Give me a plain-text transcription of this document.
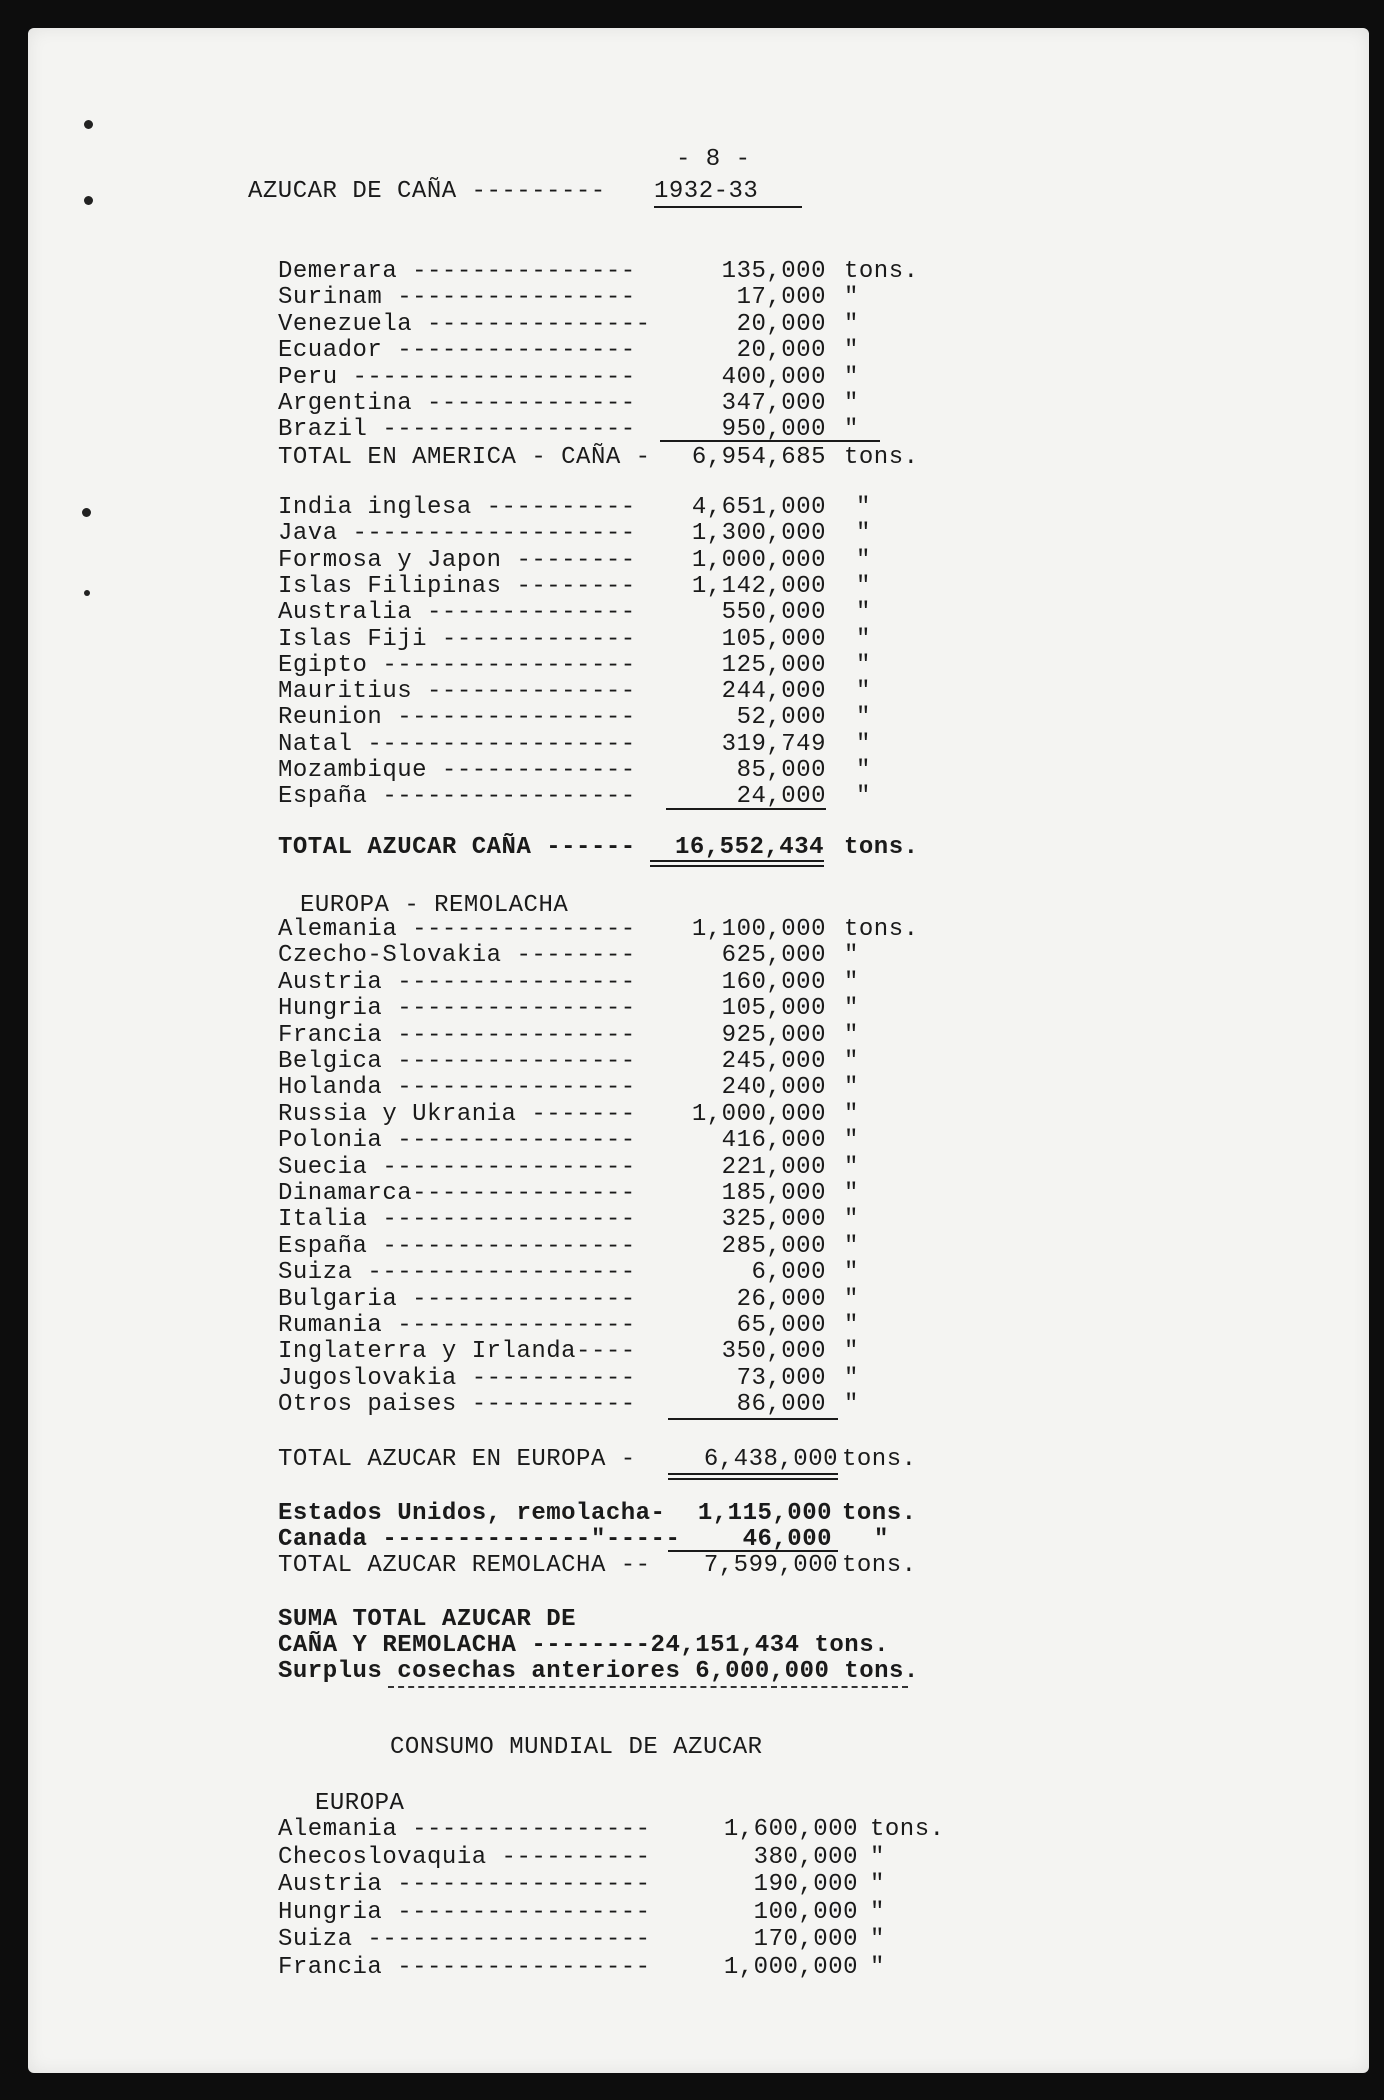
- 8 -
AZUCAR DE CAÑA --------- 1932-33
Demerara ---------------	135,000 tons.
Surinam ----------------	17,000 "
Venezuela ---------------	20,000 "
Ecuador ----------------	20,000 "
Peru -------------------	400,000 "
Argentina --------------	347,000 "
Brazil -----------------	950,000 "
TOTAL EN AMERICA - CAÑA - 6,954,685 tons.
India inglesa ---------- 4,651,000 "
Java ------------------- 1,300,000 "
Formosa y Japon -------- 1,000,000 "
Islas Filipinas -------- 1,142,000 "
Australia --------------	550,000 "
Islas Fiji -------------	105,000 "
Egipto -----------------	125,000 "
Mauritius --------------	244,000 "
Reunion ----------------	52,000 "
Natal ------------------	319,749 "
Mozambique -------------	85,000 "
España -----------------	24,000 "
TOTAL AZUCAR CAÑA ------ 16,552,434 tons.
EUROPA - REMOLACHA
Alemania --------------- 1,100,000 tons.
Czecho-Slovakia --------	625,000 "
Austria ----------------	160,000 "
Hungria ----------------	105,000 "
Francia ----------------	925,000 "
Belgica ----------------	245,000 "
Holanda ----------------	240,000 "
Russia y Ukrania ------- 1,000,000 "
Polonia ----------------	416,000 "
Suecia -----------------	221,000 "
Dinamarca---------------	185,000 "
Italia -----------------	325,000 "
España -----------------	285,000 "
Suiza ------------------	6,000 "
Bulgaria ---------------	26,000 "
Rumania ----------------	65,000 "
Inglaterra y Irlanda----	350,000 "
Jugoslovakia -----------	73,000 "
Otros paises -----------	86,000 "
TOTAL AZUCAR EN EUROPA -	6,438,000 tons.
Estados Unidos, remolacha- 1,115,000 tons.
Canada --------------"-----	46,000 "
TOTAL AZUCAR REMOLACHA -- 7,599,000 tons.
SUMA TOTAL AZUCAR DE
CAÑA Y REMOLACHA --------24,151,434 tons.
Surplus cosechas anteriores 6,000,000 tons.
CONSUMO MUNDIAL DE AZUCAR
EUROPA
Alemania ----------------	1,600,000 tons.
Checoslovaquia ----------	380,000 "
Austria -----------------	190,000 "
Hungria -----------------	100,000 "
Suiza -------------------	170,000 "
Francia -----------------	1,000,000 "
